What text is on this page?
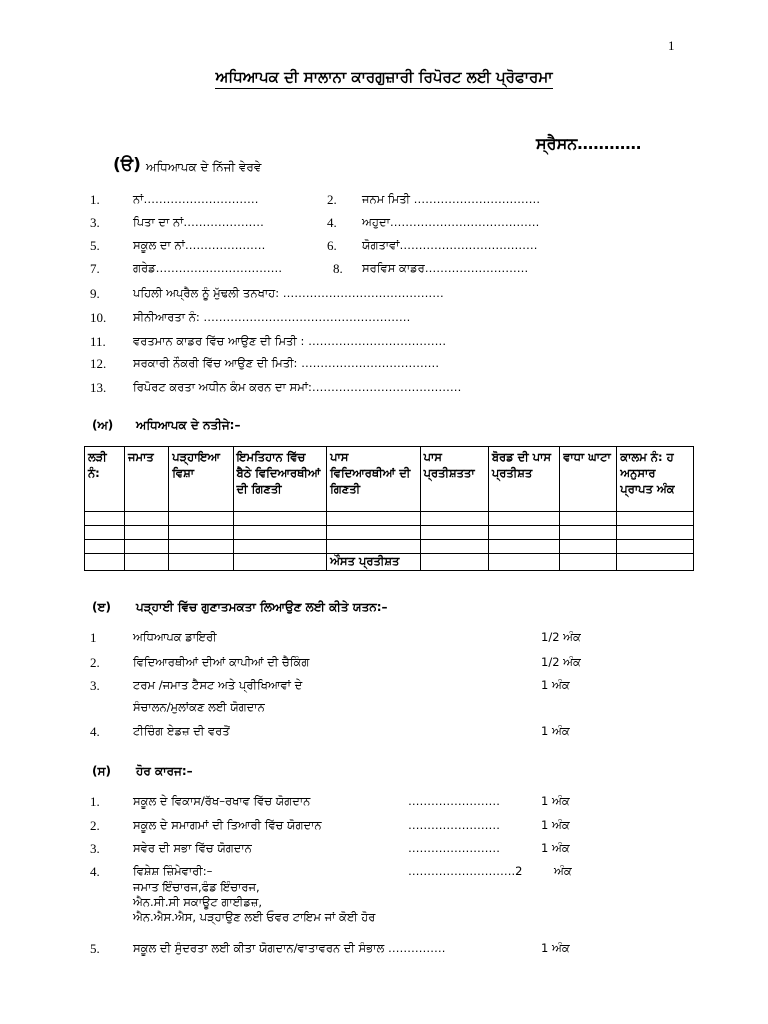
1
ਅਧਿਆਪਕ ਦੀ ਸਾਲਾਨਾ ਕਾਰਗੁਜ਼ਾਰੀ ਰਿਪੋਰਟ ਲਈ ਪ੍ਰੋਫਾਰਮਾ
ਸ੍ਰੈਸਨ…………
(ੳ) ਅਧਿਆਪਕ ਦੇ ਨਿੱਜੀ ਵੇਰਵੇ
1.	ਨਾਂ…………………………	2. ਜਨਮ ਮਿਤੀ ……………………………
3.	ਪਿਤਾ ਦਾ ਨਾਂ…………………	4. ਅਹੁਦਾ…………………………………
5.	ਸਕੂਲ ਦਾ ਨਾਂ…………………	6. ਯੋਗਤਾਵਾਂ………………………………
7.	ਗਰੇਡ……………………………	8. ਸਰਵਿਸ ਕਾਡਰ………………………
9.	ਪਹਿਲੀ ਅਪ੍ਰੈਲ ਨੂੰ ਮੁੱਢਲੀ ਤਨਖਾਹ: ……………………………………
10. ਸੀਨੀਆਰਤਾ ਨੰ: ………………………………………………
11. ਵਰਤਮਾਨ ਕਾਡਰ ਵਿੱਚ ਆਉਣ ਦੀ ਮਿਤੀ : ………………………………
12. ਸਰਕਾਰੀ ਨੌਕਰੀ ਵਿੱਚ ਆਉਣ ਦੀ ਮਿਤੀ: ………………………………
13. ਰਿਪੋਰਟ ਕਰਤਾ ਅਧੀਨ ਕੰਮ ਕਰਨ ਦਾ ਸਮਾਂ:…………………………………
(ਅ) ਅਧਿਆਪਕ ਦੇ ਨਤੀਜੇ:–
ਲੜੀ ਨੰ:	ਜਮਾਤ	ਪੜ੍ਹਾਇਆ ਵਿਸ਼ਾ	ਇਮਤਿਹਾਨ ਵਿੱਚ ਬੈਠੇ ਵਿਦਿਆਰਥੀਆਂ ਦੀ ਗਿਣਤੀ	ਪਾਸ ਵਿਦਿਆਰਥੀਆਂ ਦੀ ਗਿਣਤੀ	ਪਾਸ ਪ੍ਰਤੀਸ਼ਤਤਾ	ਬੋਰਡ ਦੀ ਪਾਸ ਪ੍ਰਤੀਸ਼ਤ	ਵਾਧਾ ਘਾਟਾ	ਕਾਲਮ ਨੰ: ਹ ਅਨੁਸਾਰ ਪ੍ਰਾਪਤ ਅੰਕ

				ਔਸਤ ਪ੍ਰਤੀਸ਼ਤ				
(ੲ) ਪੜ੍ਹਾਈ ਵਿੱਚ ਗੁਣਾਤਮਕਤਾ ਲਿਆਉਣ ਲਈ ਕੀਤੇ ਯਤਨ:–
1	ਅਧਿਆਪਕ ਡਾਇਰੀ	1/2 ਅੰਕ
2.	ਵਿਦਿਆਰਥੀਆਂ ਦੀਆਂ ਕਾਪੀਆਂ ਦੀ ਚੈਕਿੰਗ	1/2 ਅੰਕ
3.	ਟਰਮ /ਜਮਾਤ ਟੈਸਟ ਅਤੇ ਪ੍ਰੀਖਿਆਵਾਂ ਦੇ	1 ਅੰਕ
ਸੰਚਾਲਨ/ਮੁਲਾਂਕਣ ਲਈ ਯੋਗਦਾਨ
4.	ਟੀਚਿੰਗ ਏਡਜ਼ ਦੀ ਵਰਤੋਂ	1 ਅੰਕ
(ਸ) ਹੋਰ ਕਾਰਜ:–
1.	ਸਕੂਲ ਦੇ ਵਿਕਾਸ/ਰੱਖ–ਰਖਾਵ ਵਿੱਚ ਯੋਗਦਾਨ	……………………	1 ਅੰਕ
2.	ਸਕੂਲ ਦੇ ਸਮਾਗਮਾਂ ਦੀ ਤਿਆਰੀ ਵਿੱਚ ਯੋਗਦਾਨ	……………………	1 ਅੰਕ
3.	ਸਵੇਰ ਦੀ ਸਭਾ ਵਿੱਚ ਯੋਗਦਾਨ	……………………	1 ਅੰਕ
4.	ਵਿਸ਼ੇਸ਼ ਜ਼ਿੰਮੇਵਾਰੀ:–	……………………….2	ਅੰਕ
ਜਮਾਤ ਇੰਚਾਰਜ,ਫੰਡ ਇੰਚਾਰਜ,
ਐਨ.ਸੀ.ਸੀ ਸਕਾਊਟ ਗਾਈਡਜ਼,
ਐਨ.ਐਸ.ਐਸ, ਪੜ੍ਹਾਉਣ ਲਈ ਓਵਰ ਟਾਇਮ ਜਾਂ ਕੋਈ ਹੋਰ
5.	ਸਕੂਲ ਦੀ ਸੁੰਦਰਤਾ ਲਈ ਕੀਤਾ ਯੋਗਦਾਨ/ਵਾਤਾਵਰਨ ਦੀ ਸੰਭਾਲ ……………	1 ਅੰਕ
